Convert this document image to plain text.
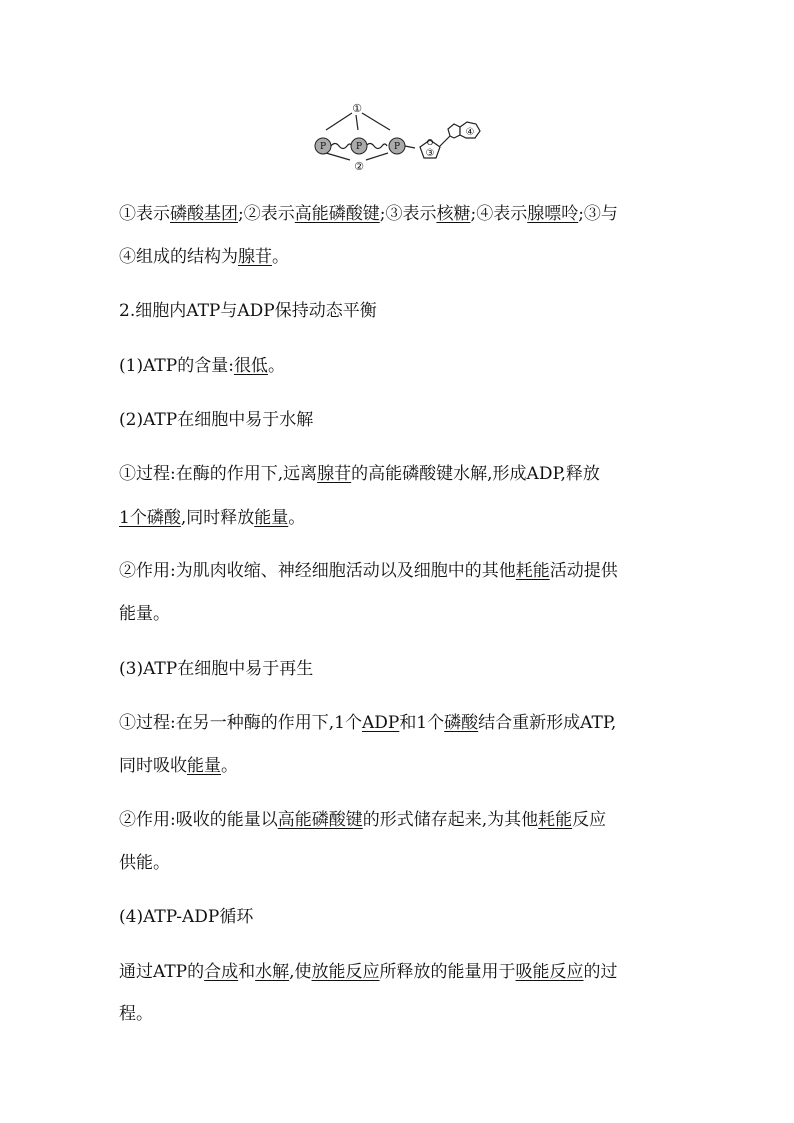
P	P	P	O
①
②
③
④

①表示磷酸基团;②表示高能磷酸键;③表示核糖;④表示腺嘌呤;③与

④组成的结构为腺苷。

2.细胞内ATP与ADP保持动态平衡

(1)ATP的含量:很低。

(2)ATP在细胞中易于水解

①过程:在酶的作用下,远离腺苷的高能磷酸键水解,形成ADP,释放

1个磷酸,同时释放能量。

②作用:为肌肉收缩、神经细胞活动以及细胞中的其他耗能活动提供

能量。

(3)ATP在细胞中易于再生

①过程:在另一种酶的作用下,1个ADP和1个磷酸结合重新形成ATP,

同时吸收能量。

②作用:吸收的能量以高能磷酸键的形式储存起来,为其他耗能反应

供能。

(4)ATP-ADP循环

通过ATP的合成和水解,使放能反应所释放的能量用于吸能反应的过

程。
